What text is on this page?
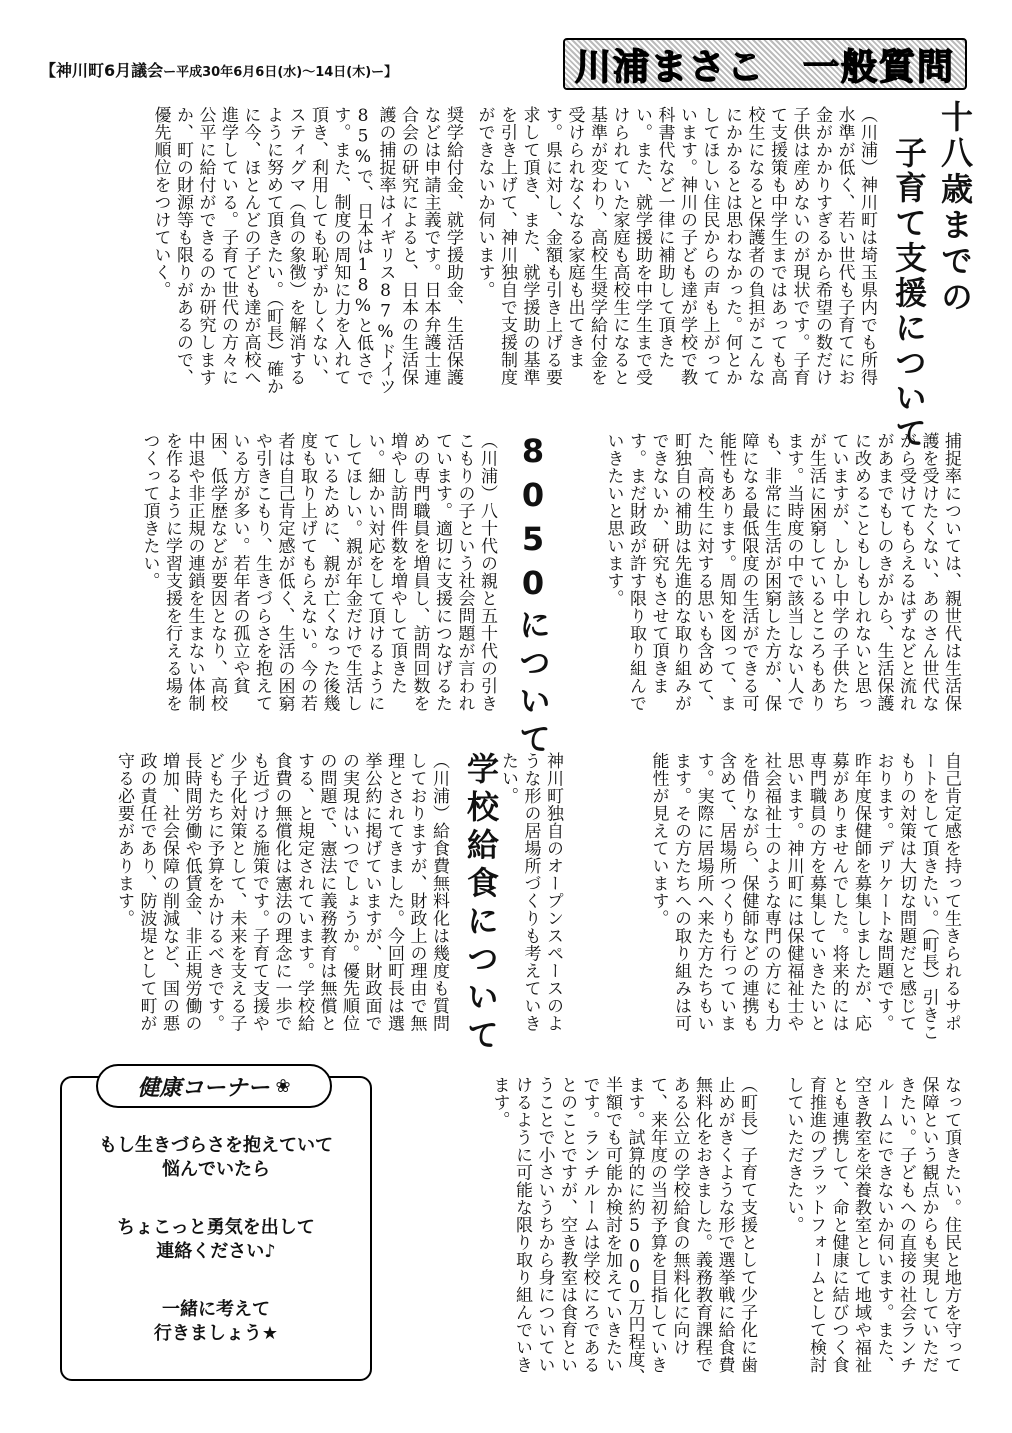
【神川町6月議会ー平成30年6月6日(水)〜14日(木)ー】	川浦まさこ　一般質問

十八歳までの

子育て支援について

（川浦）神川町は埼玉県内でも所得水準が低く、若い世代も子育てにお金がかかりすぎるから希望の数だけ子供は産めないのが現状です。子育て支援策も中学生まではあっても高校生になると保護者の負担がこんなにかかるとは思わなかった。何とかしてほしい住民からの声も上がっています。神川の子ども達が学校で教科書代など一律に補助して頂きたい。また、就学援助を中学生まで受けられていた家庭も高校生になると基準が変わり、高校生奨学給付金を受けられなくなる家庭も出てきます。県に対し、金額も引き上げる要求して頂き、また、就学援助の基準を引き上げて、神川独自で支援制度ができないか伺います。

奨学給付金、就学援助金、生活保護などは申請主義です。日本弁護士連合会の研究によると、日本の生活保護の捕捉率はイギリス87%ドイツ85%で、日本は18%と低さです。また、制度の周知に力を入れて頂き、利用しても恥ずかしくない、スティグマ（負の象徴）を解消するように努めて頂きたい。（町長）確かに今、ほとんどの子ども達が高校へ進学している。子育て世代の方々に公平に給付ができるのか研究しますか、町の財源等も限りがあるので、優先順位をつけていく。

捕捉率については、親世代は生活保護を受けたくない、あのさん世代ながら受けてもらえるはずなどと流れがあまでもしのきがから、生活保護に改めることもしもしれないと思っていますが、しかし中学の子供たちが生活に困窮しているところもあります。当時度の中で該当しない人でも、非常に生活が困窮した方が、保障になる最低限度の生活ができる可能性もあります。周知を図って、また、高校生に対する思いも含めて、町独自の補助は先進的な取り組みができないか、研究もさせて頂きます。まだ財政が許す限り取り組んでいきたいと思います。

8050について

（川浦）八十代の親と五十代の引きこもりの子という社会問題が言われています。適切に支援につなげるための専門職員を増員し、訪問回数を増やし訪問件数を増やして頂きたい。細かい対応をして頂けるようにしてほしい。親が年金だけで生活しているために、親が亡くなった後幾度も取り上げてもらえない。今の若者は自己肯定感が低く、生活の困窮や引きこもり、生きづらさを抱えている方が多い。若年者の孤立や貧困、低学歴などが要因となり、高校中退や非正規の連鎖を生まない体制を作るように学習支援を行える場をつくって頂きたい。

自己肯定感を持って生きられるサポートをして頂きたい。（町長）引きこもりの対策は大切な問題だと感じております。デリケートな問題です。昨年度保健師を募集しましたが、応募がありませんでした。将来的には専門職員の方を募集していきたいと思います。神川町には保健福祉士や社会福祉士のような専門の方にも力を借りながら、保健師などの連携も含めて、居場所つくりも行っています。実際に居場所へ来た方たちもいます。その方たちへの取り組みは可能性が見えています。

神川町独自のオープンスペースのような形の居場所づくりも考えていきたい。

学校給食について

（川浦）給食費無料化は幾度も質問しておりますが、財政上の理由で無理とされてきました。今回町長は選挙公約に掲げていますが、財政面での実現はいつでしょうか。優先順位の問題で、憲法に義務教育は無償とする、と規定されています。学校給食費の無償化は憲法の理念に一歩でも近づける施策です。子育て支援や少子化対策として、未来を支える子どもたちに予算をかけるべきです。長時間労働や低賃金、非正規労働の増加、社会保障の削減など、国の悪政の責任であり、防波堤として町が守る必要があります。

なって頂きたい。住民と地方を守って保障という観点からも実現していただきたい。子どもへの直接の社会ランチルームにできないか伺います。また、空き教室を栄養教室として地域や福祉とも連携して、命と健康に結びつく食育推進のプラットフォームとして検討していただきたい。

（町長）子育て支援として少子化に歯止めがきくような形で選挙戦に給食費無料化をおきました。義務教育課程である公立の学校給食の無料化に向けて、来年度の当初予算を目指していきます。試算的に約5000万円程度、半額でも可能か検討を加えていきたいです。ランチルームは学校にろであるとのことですが、空き教室は食育ということで小さいうちから身についていけるように可能な限り取り組んでいきます。

健康コーナー ❀

もし生きづらさを抱えていて
悩んでいたら

ちょこっと勇気を出して
連絡ください♪

一緒に考えて
行きましょう★
